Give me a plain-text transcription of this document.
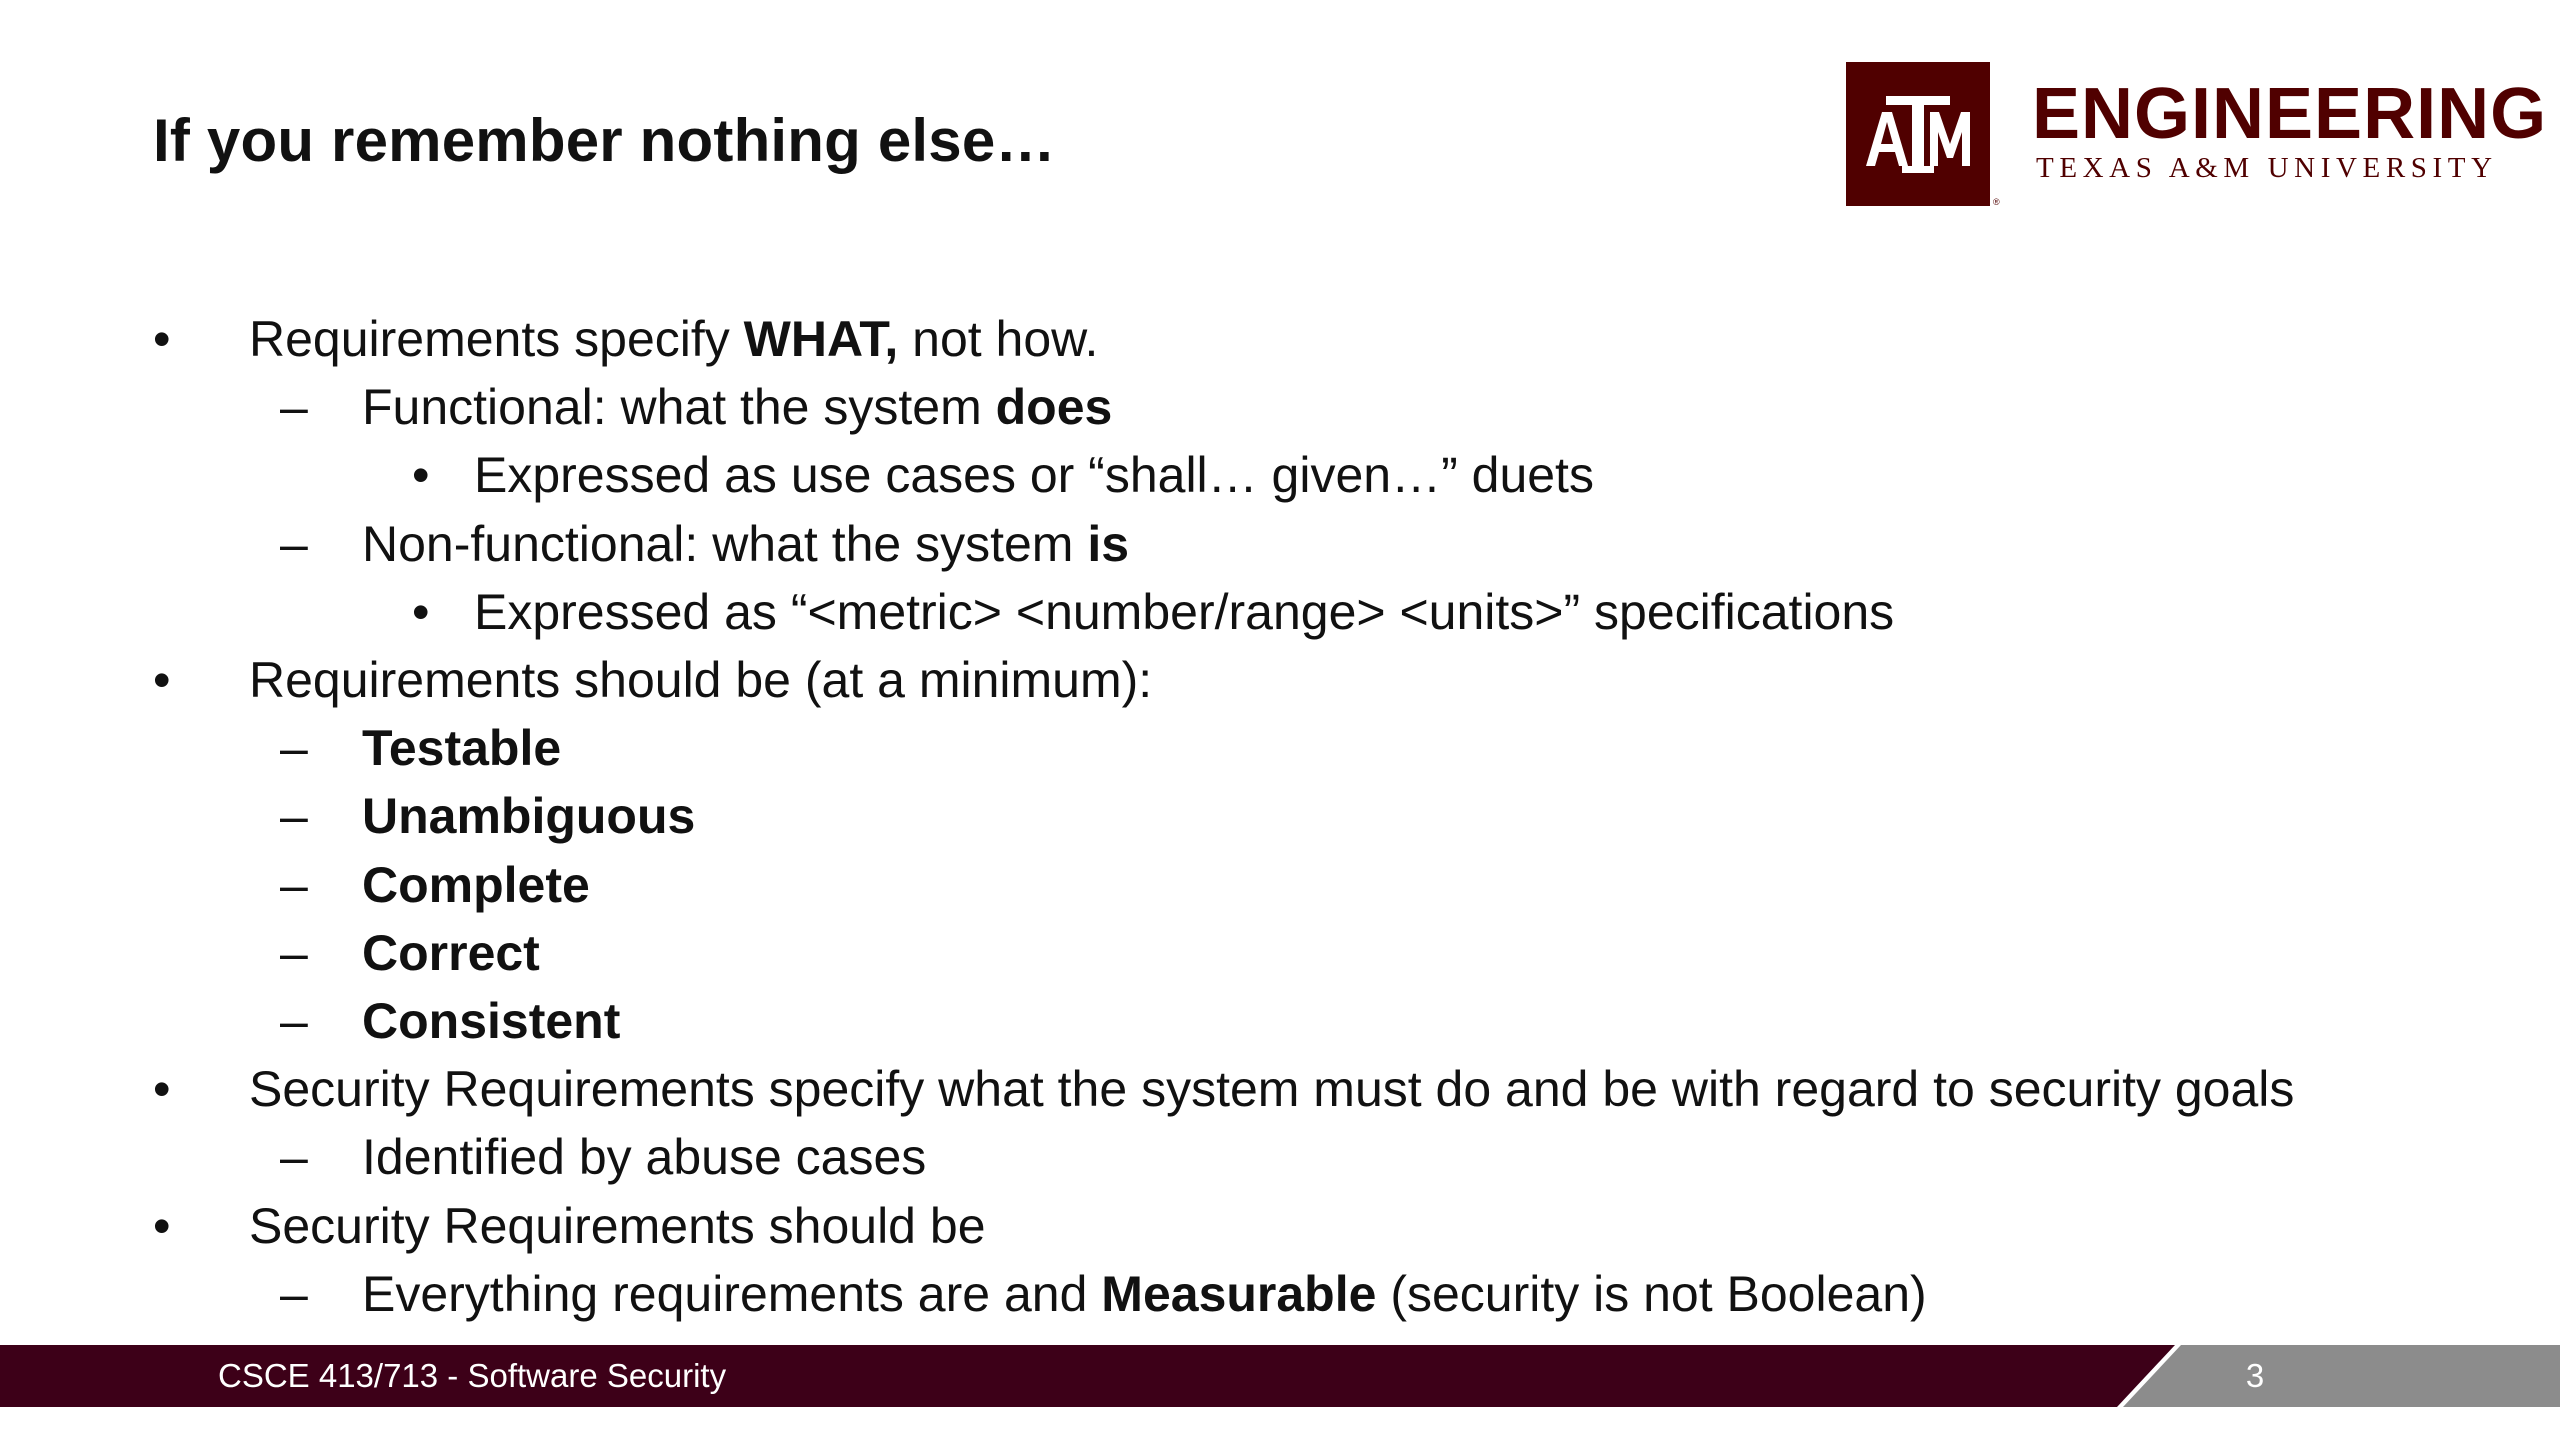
If you remember nothing else…
®
ENGINEERING
TEXAS A&M UNIVERSITY
• Requirements specify WHAT, not how.
– Functional: what the system does
• Expressed as use cases or “shall… given…” duets
– Non-functional: what the system is
• Expressed as “<metric> <number/range> <units>” specifications
• Requirements should be (at a minimum):
– Testable
– Unambiguous
– Complete
– Correct
– Consistent
• Security Requirements specify what the system must do and be with regard to security goals
– Identified by abuse cases
• Security Requirements should be
– Everything requirements are and Measurable (security is not Boolean)
CSCE 413/713 - Software Security	3
